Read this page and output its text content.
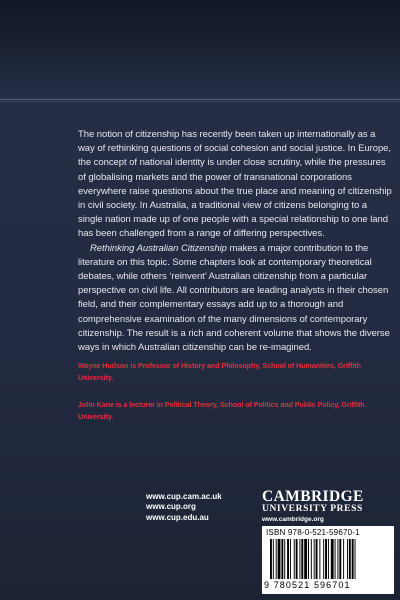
The notion of citizenship has recently been taken up internationally as a way of rethinking questions of social cohesion and social justice. In Europe, the concept of national identity is under close scrutiny, while the pressures of globalising markets and the power of transnational corporations everywhere raise questions about the true place and meaning of citizenship in civil society. In Australia, a traditional view of citizens belonging to a single nation made up of one people with a special relationship to one land has been challenged from a range of differing perspectives.

Rethinking Australian Citizenship makes a major contribution to the literature on this topic. Some chapters look at contemporary theoretical debates, while others ‘reinvent’ Australian citizenship from a particular perspective on civil life. All contributors are leading analysts in their chosen field, and their complementary essays add up to a thorough and comprehensive examination of the many dimensions of contemporary citizenship. The result is a rich and coherent volume that shows the diverse ways in which Australian citizenship can be re-imagined.

Wayne Hudson is Professor of History and Philosophy, School of Humanities, Griffith University.
John Kane is a lecturer in Political Theory, School of Politics and Public Policy, Griffith University.
www.cup.cam.ac.uk
www.cup.org
www.cup.edu.au
CAMBRIDGE
UNIVERSITY PRESS
www.cambridge.org
ISBN 978-0-521-59670-1
9 780521 596701
